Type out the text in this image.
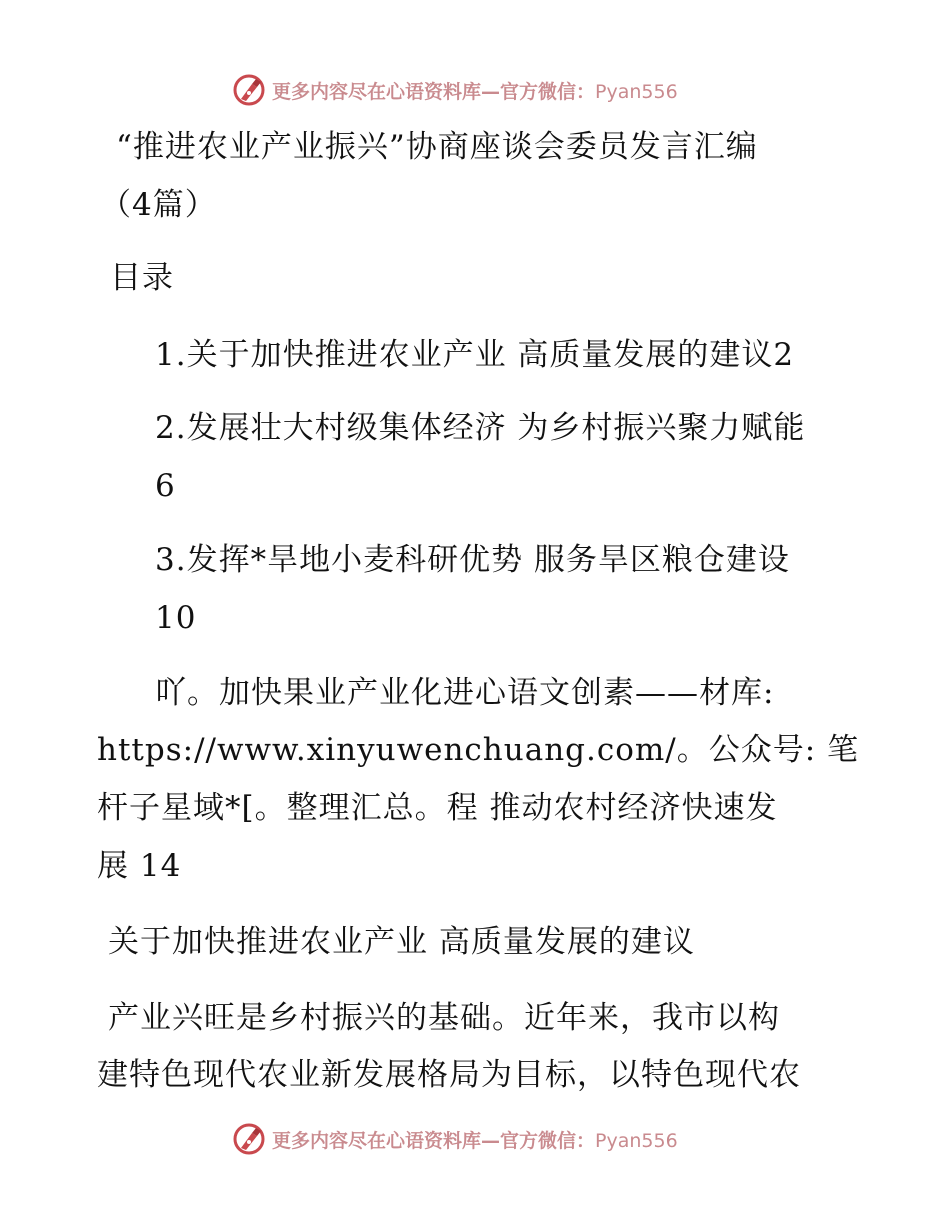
更多内容尽在心语资料库—官方微信：Pyan556
“推进农业产业振兴”协商座谈会委员发言汇编
（4篇）
目录
1.关于加快推进农业产业 高质量发展的建议2
2.发展壮大村级集体经济 为乡村振兴聚力赋能
6
3.发挥*旱地小麦科研优势 服务旱区粮仓建设
10
吖。加快果业产业化进心语文创素——材库:
https://www.xinyuwenchuang.com/。公众号: 笔
杆子星域*[。整理汇总。程 推动农村经济快速发
展 14
关于加快推进农业产业 高质量发展的建议
产业兴旺是乡村振兴的基础。近年来，我市以构
建特色现代农业新发展格局为目标，以特色现代农
更多内容尽在心语资料库—官方微信：Pyan556
